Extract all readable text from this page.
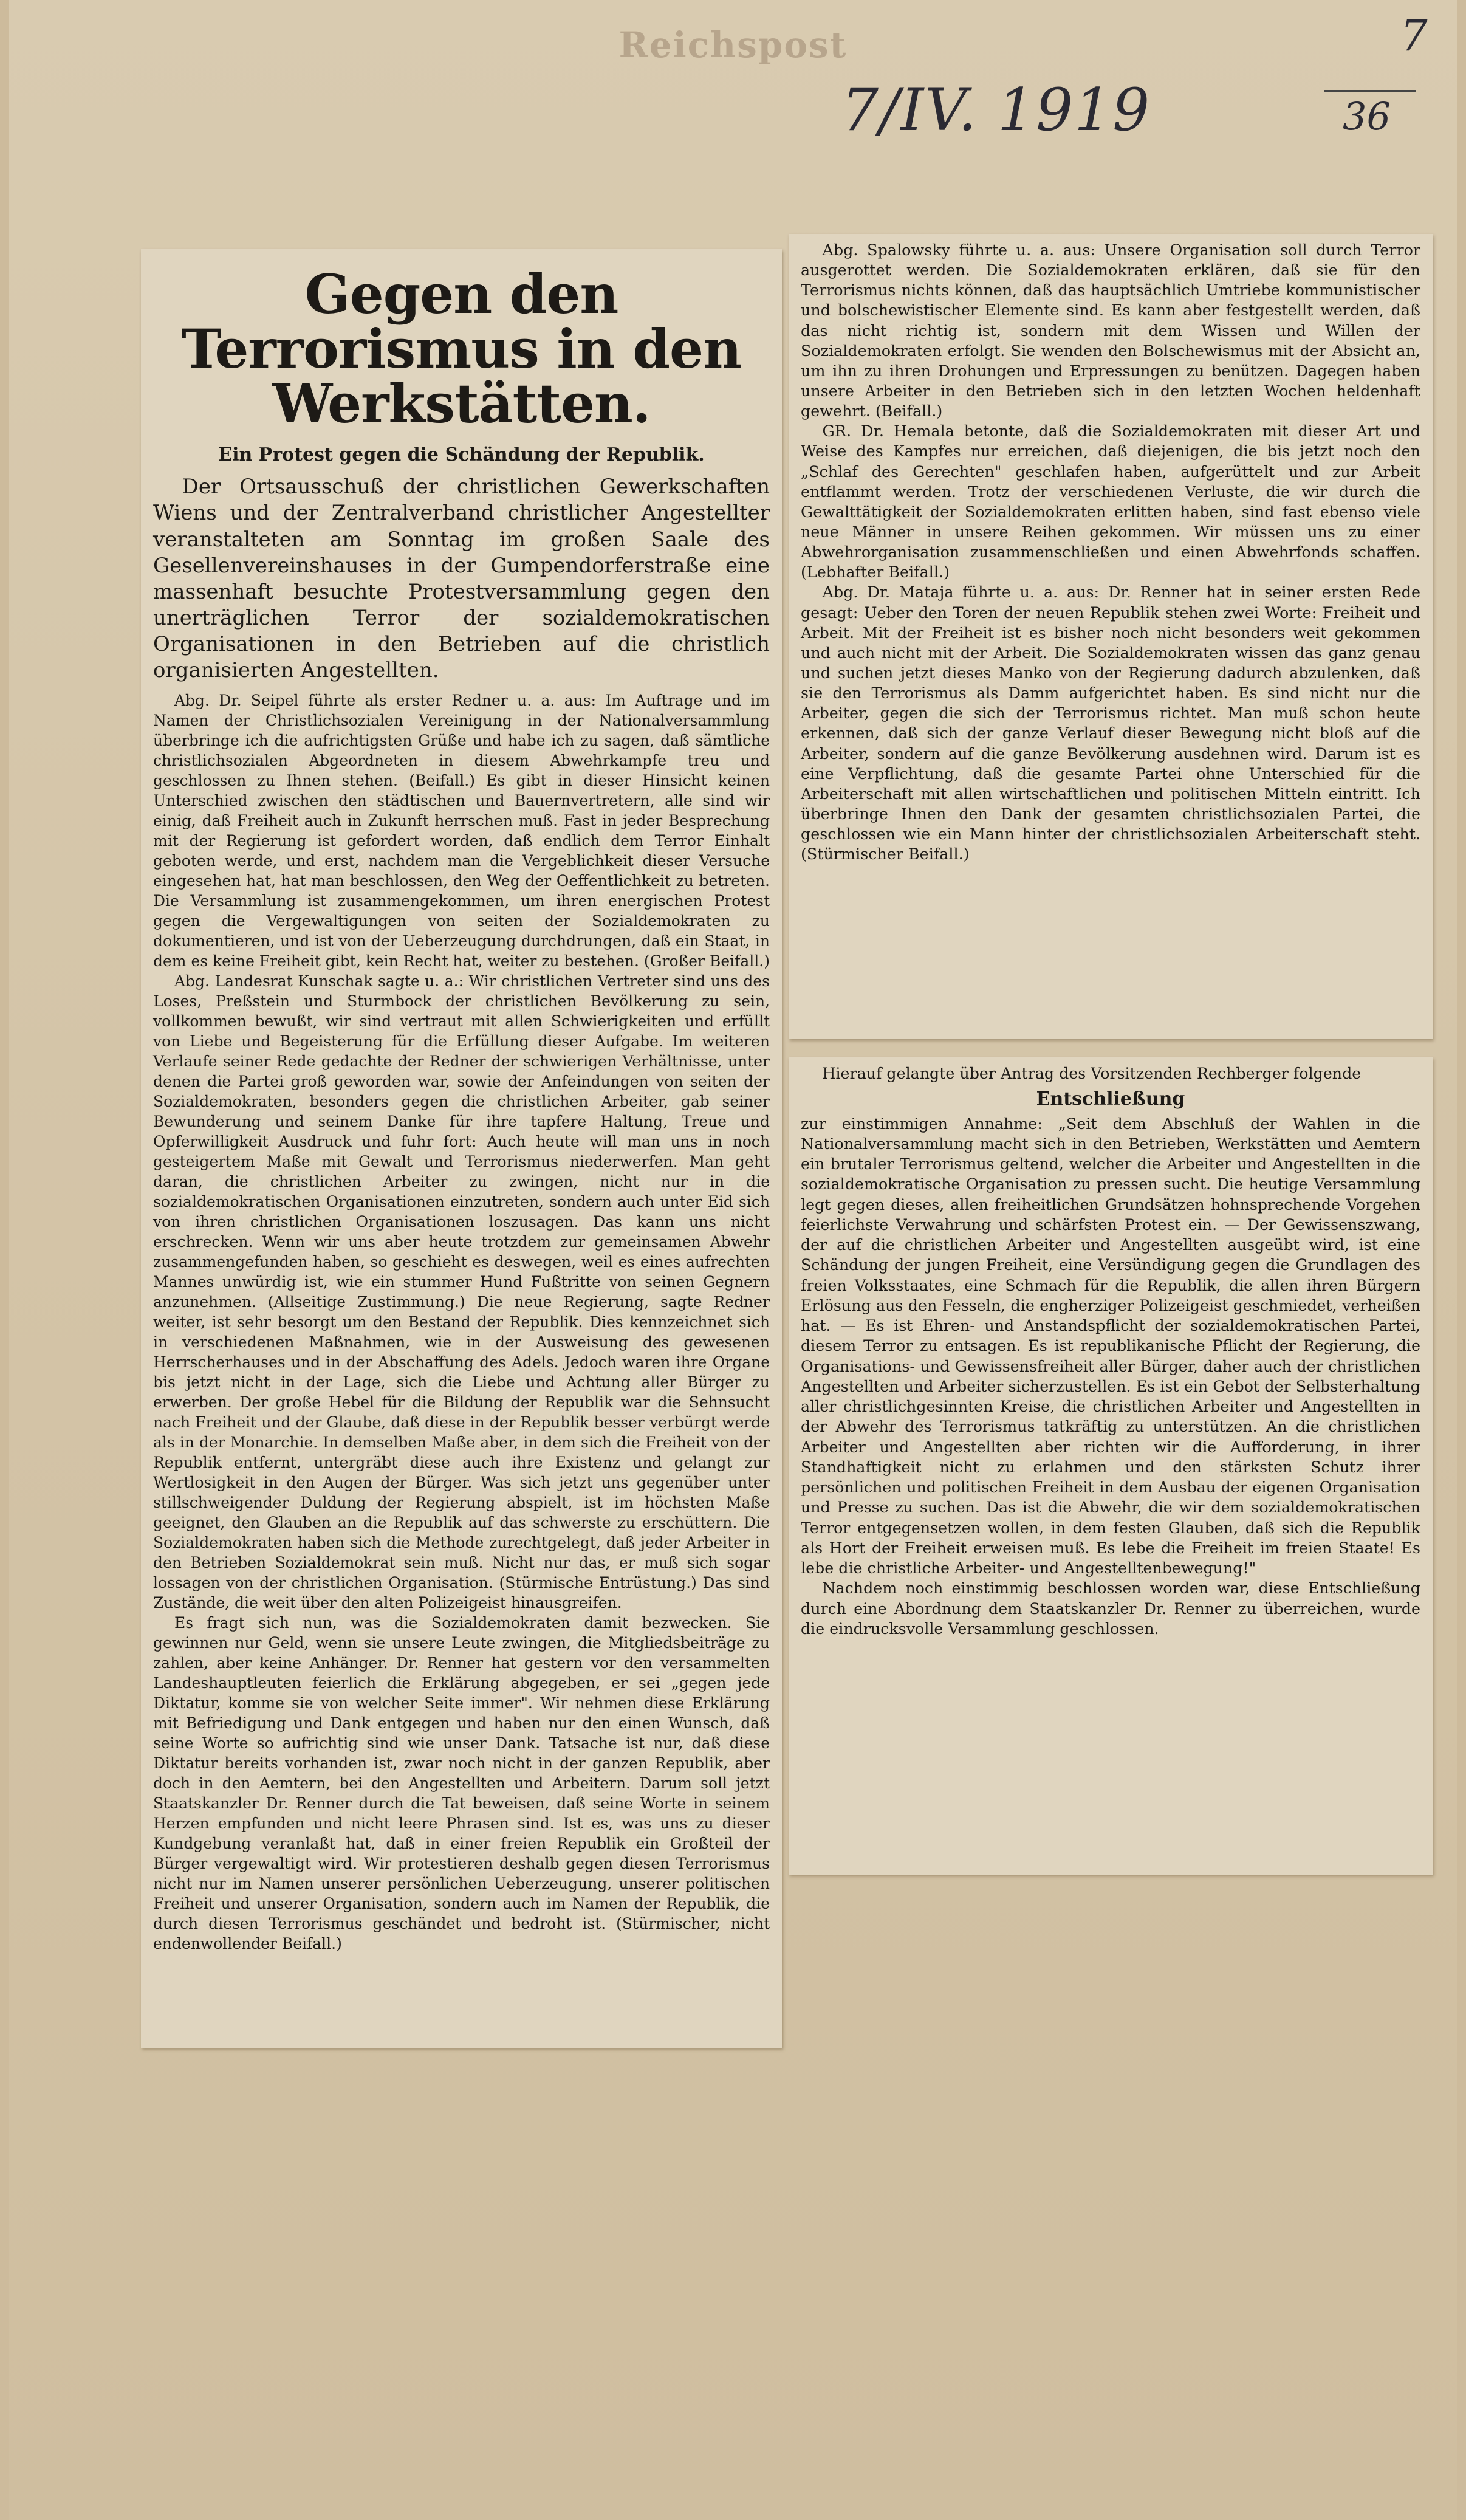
Reichspost
7/IV. 1919
7
36
Gegen den Terrorismus in den Werkstätten.
Ein Protest gegen die Schändung der Republik.

Der Ortsausschuß der christlichen Gewerkschaften Wiens und der Zentralverband christlicher Angestellter veranstalteten am Sonntag im großen Saale des Gesellenvereinshauses in der Gumpendorferstraße eine massenhaft besuchte Protestversammlung gegen den unerträglichen Terror der sozialdemokratischen Organisationen in den Betrieben auf die christlich organisierten Angestellten.

Abg. Dr. Seipel führte als erster Redner u. a. aus: Im Auftrage und im Namen der Christlichsozialen Vereinigung in der Nationalversammlung überbringe ich die aufrichtigsten Grüße und habe ich zu sagen, daß sämtliche christlichsozialen Abgeordneten in diesem Abwehrkampfe treu und geschlossen zu Ihnen stehen. (Beifall.) Es gibt in dieser Hinsicht keinen Unterschied zwischen den städtischen und Bauernvertretern, alle sind wir einig, daß Freiheit auch in Zukunft herrschen muß. Fast in jeder Besprechung mit der Regierung ist gefordert worden, daß endlich dem Terror Einhalt geboten werde, und erst, nachdem man die Vergeblichkeit dieser Versuche eingesehen hat, hat man beschlossen, den Weg der Oeffentlichkeit zu betreten. Die Versammlung ist zusammengekommen, um ihren energischen Protest gegen die Vergewaltigungen von seiten der Sozialdemokraten zu dokumentieren, und ist von der Ueberzeugung durchdrungen, daß ein Staat, in dem es keine Freiheit gibt, kein Recht hat, weiter zu bestehen. (Großer Beifall.)

Abg. Landesrat Kunschak sagte u. a.: Wir christlichen Vertreter sind uns des Loses, Preßstein und Sturmbock der christlichen Bevölkerung zu sein, vollkommen bewußt, wir sind vertraut mit allen Schwierigkeiten und erfüllt von Liebe und Begeisterung für die Erfüllung dieser Aufgabe. Im weiteren Verlaufe seiner Rede gedachte der Redner der schwierigen Verhältnisse, unter denen die Partei groß geworden war, sowie der Anfeindungen von seiten der Sozialdemokraten, besonders gegen die christlichen Arbeiter, gab seiner Bewunderung und seinem Danke für ihre tapfere Haltung, Treue und Opferwilligkeit Ausdruck und fuhr fort: Auch heute will man uns in noch gesteigertem Maße mit Gewalt und Terrorismus niederwerfen. Man geht daran, die christlichen Arbeiter zu zwingen, nicht nur in die sozialdemokratischen Organisationen einzutreten, sondern auch unter Eid sich von ihren christlichen Organisationen loszusagen. Das kann uns nicht erschrecken. Wenn wir uns aber heute trotzdem zur gemeinsamen Abwehr zusammengefunden haben, so geschieht es deswegen, weil es eines aufrechten Mannes unwürdig ist, wie ein stummer Hund Fußtritte von seinen Gegnern anzunehmen. (Allseitige Zustimmung.) Die neue Regierung, sagte Redner weiter, ist sehr besorgt um den Bestand der Republik. Dies kennzeichnet sich in verschiedenen Maßnahmen, wie in der Ausweisung des gewesenen Herrscherhauses und in der Abschaffung des Adels. Jedoch waren ihre Organe bis jetzt nicht in der Lage, sich die Liebe und Achtung aller Bürger zu erwerben. Der große Hebel für die Bildung der Republik war die Sehnsucht nach Freiheit und der Glaube, daß diese in der Republik besser verbürgt werde als in der Monarchie. In demselben Maße aber, in dem sich die Freiheit von der Republik entfernt, untergräbt diese auch ihre Existenz und gelangt zur Wertlosigkeit in den Augen der Bürger. Was sich jetzt uns gegenüber unter stillschweigender Duldung der Regierung abspielt, ist im höchsten Maße geeignet, den Glauben an die Republik auf das schwerste zu erschüttern. Die Sozialdemokraten haben sich die Methode zurechtgelegt, daß jeder Arbeiter in den Betrieben Sozialdemokrat sein muß. Nicht nur das, er muß sich sogar lossagen von der christlichen Organisation. (Stürmische Entrüstung.) Das sind Zustände, die weit über den alten Polizeigeist hinausgreifen.

Es fragt sich nun, was die Sozialdemokraten damit bezwecken. Sie gewinnen nur Geld, wenn sie unsere Leute zwingen, die Mitgliedsbeiträge zu zahlen, aber keine Anhänger. Dr. Renner hat gestern vor den versammelten Landeshauptleuten feierlich die Erklärung abgegeben, er sei „gegen jede Diktatur, komme sie von welcher Seite immer". Wir nehmen diese Erklärung mit Befriedigung und Dank entgegen und haben nur den einen Wunsch, daß seine Worte so aufrichtig sind wie unser Dank. Tatsache ist nur, daß diese Diktatur bereits vorhanden ist, zwar noch nicht in der ganzen Republik, aber doch in den Aemtern, bei den Angestellten und Arbeitern. Darum soll jetzt Staatskanzler Dr. Renner durch die Tat beweisen, daß seine Worte in seinem Herzen empfunden und nicht leere Phrasen sind. Ist es, was uns zu dieser Kundgebung veranlaßt hat, daß in einer freien Republik ein Großteil der Bürger vergewaltigt wird. Wir protestieren deshalb gegen diesen Terrorismus nicht nur im Namen unserer persönlichen Ueberzeugung, unserer politischen Freiheit und unserer Organisation, sondern auch im Namen der Republik, die durch diesen Terrorismus geschändet und bedroht ist. (Stürmischer, nicht endenwollender Beifall.)

Abg. Spalowsky führte u. a. aus: Unsere Organisation soll durch Terror ausgerottet werden. Die Sozialdemokraten erklären, daß sie für den Terrorismus nichts können, daß das hauptsächlich Umtriebe kommunistischer und bolschewistischer Elemente sind. Es kann aber festgestellt werden, daß das nicht richtig ist, sondern mit dem Wissen und Willen der Sozialdemokraten erfolgt. Sie wenden den Bolschewismus mit der Absicht an, um ihn zu ihren Drohungen und Erpressungen zu benützen. Dagegen haben unsere Arbeiter in den Betrieben sich in den letzten Wochen heldenhaft gewehrt. (Beifall.)

GR. Dr. Hemala betonte, daß die Sozialdemokraten mit dieser Art und Weise des Kampfes nur erreichen, daß diejenigen, die bis jetzt noch den „Schlaf des Gerechten" geschlafen haben, aufgerüttelt und zur Arbeit entflammt werden. Trotz der verschiedenen Verluste, die wir durch die Gewalttätigkeit der Sozialdemokraten erlitten haben, sind fast ebenso viele neue Männer in unsere Reihen gekommen. Wir müssen uns zu einer Abwehrorganisation zusammenschließen und einen Abwehrfonds schaffen. (Lebhafter Beifall.)

Abg. Dr. Mataja führte u. a. aus: Dr. Renner hat in seiner ersten Rede gesagt: Ueber den Toren der neuen Republik stehen zwei Worte: Freiheit und Arbeit. Mit der Freiheit ist es bisher noch nicht besonders weit gekommen und auch nicht mit der Arbeit. Die Sozialdemokraten wissen das ganz genau und suchen jetzt dieses Manko von der Regierung dadurch abzulenken, daß sie den Terrorismus als Damm aufgerichtet haben. Es sind nicht nur die Arbeiter, gegen die sich der Terrorismus richtet. Man muß schon heute erkennen, daß sich der ganze Verlauf dieser Bewegung nicht bloß auf die Arbeiter, sondern auf die ganze Bevölkerung ausdehnen wird. Darum ist es eine Verpflichtung, daß die gesamte Partei ohne Unterschied für die Arbeiterschaft mit allen wirtschaftlichen und politischen Mitteln eintritt. Ich überbringe Ihnen den Dank der gesamten christlichsozialen Partei, die geschlossen wie ein Mann hinter der christlichsozialen Arbeiterschaft steht. (Stürmischer Beifall.)

Hierauf gelangte über Antrag des Vorsitzenden Rechberger folgende

Entschließung

zur einstimmigen Annahme: „Seit dem Abschluß der Wahlen in die Nationalversammlung macht sich in den Betrieben, Werkstätten und Aemtern ein brutaler Terrorismus geltend, welcher die Arbeiter und Angestellten in die sozialdemokratische Organisation zu pressen sucht. Die heutige Versammlung legt gegen dieses, allen freiheitlichen Grundsätzen hohnsprechende Vorgehen feierlichste Verwahrung und schärfsten Protest ein. — Der Gewissenszwang, der auf die christlichen Arbeiter und Angestellten ausgeübt wird, ist eine Schändung der jungen Freiheit, eine Versündigung gegen die Grundlagen des freien Volksstaates, eine Schmach für die Republik, die allen ihren Bürgern Erlösung aus den Fesseln, die engherziger Polizeigeist geschmiedet, verheißen hat. — Es ist Ehren- und Anstandspflicht der sozialdemokratischen Partei, diesem Terror zu entsagen. Es ist republikanische Pflicht der Regierung, die Organisations- und Gewissensfreiheit aller Bürger, daher auch der christlichen Angestellten und Arbeiter sicherzustellen. Es ist ein Gebot der Selbsterhaltung aller christlichgesinnten Kreise, die christlichen Arbeiter und Angestellten in der Abwehr des Terrorismus tatkräftig zu unterstützen. An die christlichen Arbeiter und Angestellten aber richten wir die Aufforderung, in ihrer Standhaftigkeit nicht zu erlahmen und den stärksten Schutz ihrer persönlichen und politischen Freiheit in dem Ausbau der eigenen Organisation und Presse zu suchen. Das ist die Abwehr, die wir dem sozialdemokratischen Terror entgegensetzen wollen, in dem festen Glauben, daß sich die Republik als Hort der Freiheit erweisen muß. Es lebe die Freiheit im freien Staate! Es lebe die christliche Arbeiter- und Angestelltenbewegung!"

Nachdem noch einstimmig beschlossen worden war, diese Entschließung durch eine Abordnung dem Staatskanzler Dr. Renner zu überreichen, wurde die eindrucksvolle Versammlung geschlossen.
